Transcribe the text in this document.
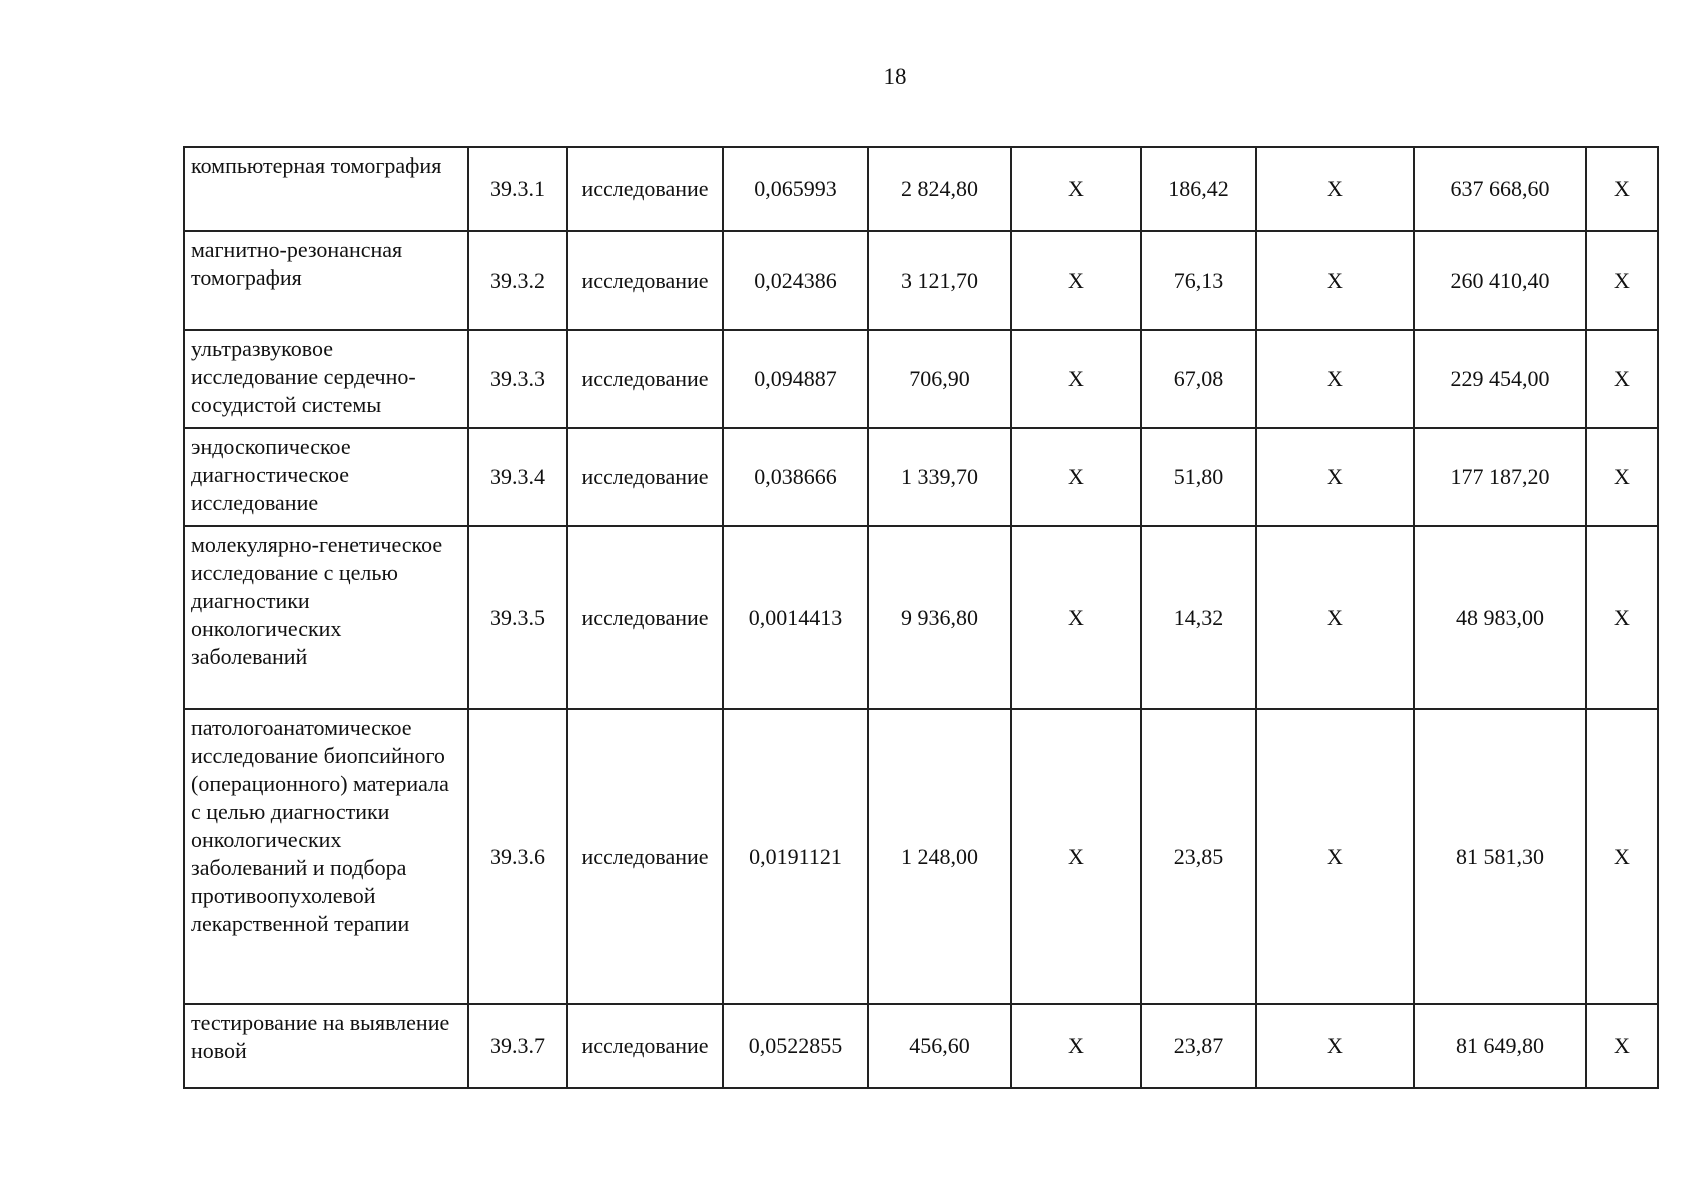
18
компьютерная томография	39.3.1	исследование	0,065993	2 824,80	Х	186,42	Х	637 668,60	Х
магнитно-резонансная томография	39.3.2	исследование	0,024386	3 121,70	Х	76,13	Х	260 410,40	Х
ультразвуковое исследование сердечно-сосудистой системы	39.3.3	исследование	0,094887	706,90	Х	67,08	Х	229 454,00	Х
эндоскопическое диагностическое исследование	39.3.4	исследование	0,038666	1 339,70	Х	51,80	Х	177 187,20	Х
молекулярно-генетическое исследование с целью диагностики онкологических заболеваний	39.3.5	исследование	0,0014413	9 936,80	Х	14,32	Х	48 983,00	Х
патологоанатомическое исследование биопсийного (операционного) материала с целью диагностики онкологических заболеваний и подбора противоопухолевой лекарственной терапии	39.3.6	исследование	0,0191121	1 248,00	Х	23,85	Х	81 581,30	Х
тестирование на выявление новой	39.3.7	исследование	0,0522855	456,60	Х	23,87	Х	81 649,80	Х
